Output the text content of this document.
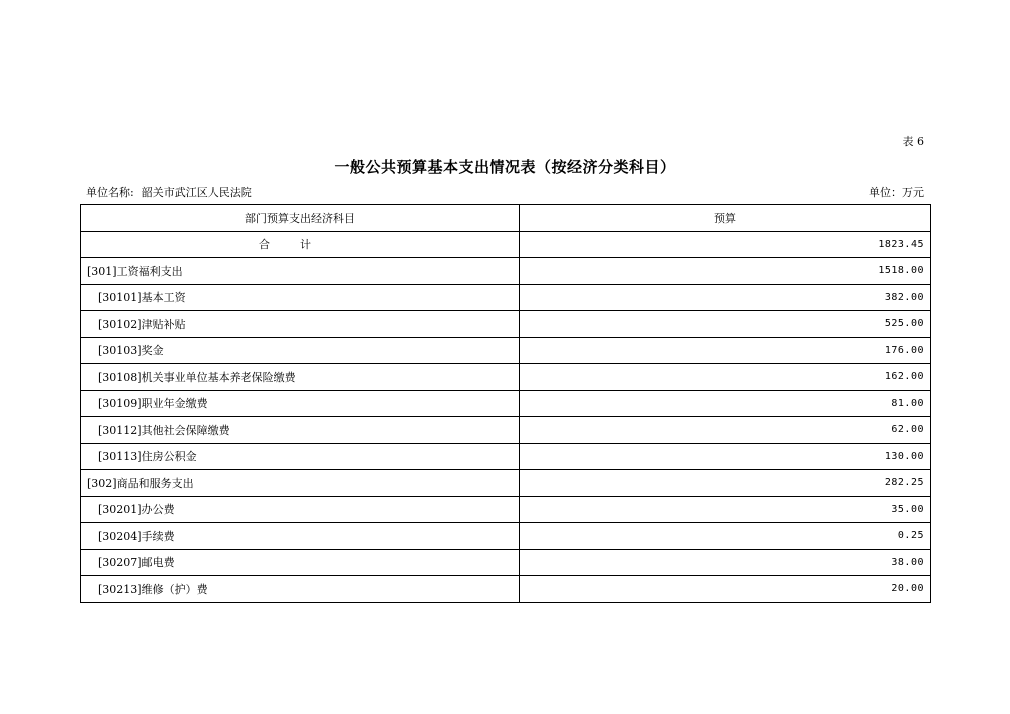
表 6
一般公共预算基本支出情况表（按经济分类科目）
单位名称: 韶关市武江区人民法院	单位：万元
部门预算支出经济科目	预算
合计	1823.45
[301]工资福利支出	1518.00
[30101]基本工资	382.00
[30102]津贴补贴	525.00
[30103]奖金	176.00
[30108]机关事业单位基本养老保险缴费	162.00
[30109]职业年金缴费	81.00
[30112]其他社会保障缴费	62.00
[30113]住房公积金	130.00
[302]商品和服务支出	282.25
[30201]办公费	35.00
[30204]手续费	0.25
[30207]邮电费	38.00
[30213]维修（护）费	20.00
